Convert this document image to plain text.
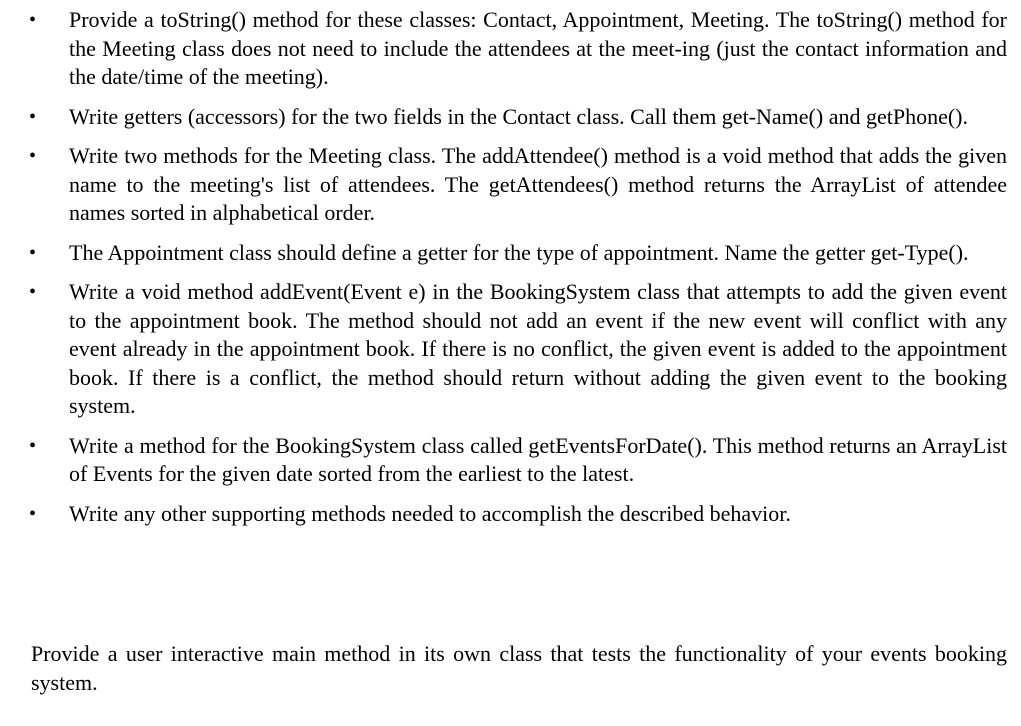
• Provide a toString() method for these classes: Contact, Appointment, Meeting. The toString() method for the Meeting class does not need to include the attendees at the meet-ing (just the contact information and the date/time of the meeting).
• Write getters (accessors) for the two fields in the Contact class. Call them get-Name() and getPhone().
• Write two methods for the Meeting class. The addAttendee() method is a void method that adds the given name to the meeting's list of attendees. The getAttendees() method returns the ArrayList of attendee names sorted in alphabetical order.
• The Appointment class should define a getter for the type of appointment. Name the getter get-Type().
• Write a void method addEvent(Event e) in the BookingSystem class that attempts to add the given event to the appointment book. The method should not add an event if the new event will conflict with any event already in the appointment book. If there is no conflict, the given event is added to the appointment book. If there is a conflict, the method should return without adding the given event to the booking system.
• Write a method for the BookingSystem class called getEventsForDate(). This method returns an ArrayList of Events for the given date sorted from the earliest to the latest.
• Write any other supporting methods needed to accomplish the described behavior.

Provide a user interactive main method in its own class that tests the functionality of your events booking system.
